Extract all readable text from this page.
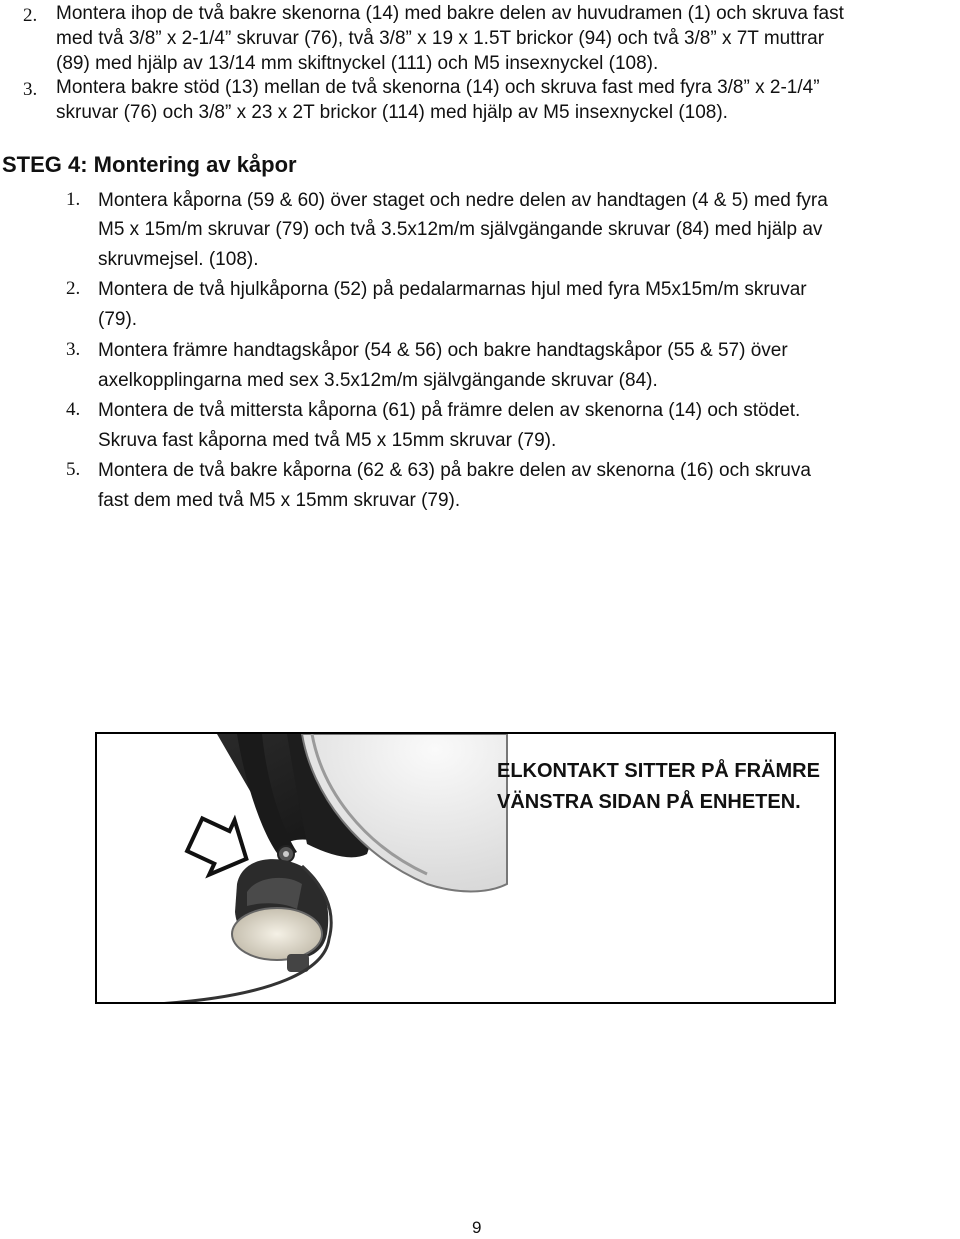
2. Montera ihop de två bakre skenorna (14) med bakre delen av huvudramen (1) och skruva fast
med två 3/8” x 2-1/4” skruvar (76), två 3/8” x 19 x 1.5T brickor (94) och två 3/8” x 7T muttrar
(89) med hjälp av 13/14 mm skiftnyckel (111) och M5 insexnyckel (108).
3. Montera bakre stöd (13) mellan de två skenorna (14) och skruva fast med fyra 3/8” x 2-1/4”
skruvar (76) och 3/8” x 23 x 2T brickor (114) med hjälp av M5 insexnyckel (108).
STEG 4: Montering av kåpor
1. Montera kåporna (59 & 60) över staget och nedre delen av handtagen (4 & 5) med fyra
M5 x 15m/m skruvar (79) och två 3.5x12m/m självgängande skruvar (84) med hjälp av
skruvmejsel. (108).
2. Montera de två hjulkåporna (52) på pedalarmarnas hjul med fyra M5x15m/m skruvar
(79).
3. Montera främre handtagskåpor (54 & 56) och bakre handtagskåpor (55 & 57) över
axelkopplingarna med sex 3.5x12m/m självgängande skruvar (84).
4. Montera de två mittersta kåporna (61) på främre delen av skenorna (14) och stödet.
Skruva fast kåporna med två M5 x 15mm skruvar (79).
5. Montera de två bakre kåporna (62 & 63) på bakre delen av skenorna (16) och skruva
fast dem med två M5 x 15mm skruvar (79).
ELKONTAKT SITTER PÅ FRÄMRE
VÄNSTRA SIDAN PÅ ENHETEN.
9
